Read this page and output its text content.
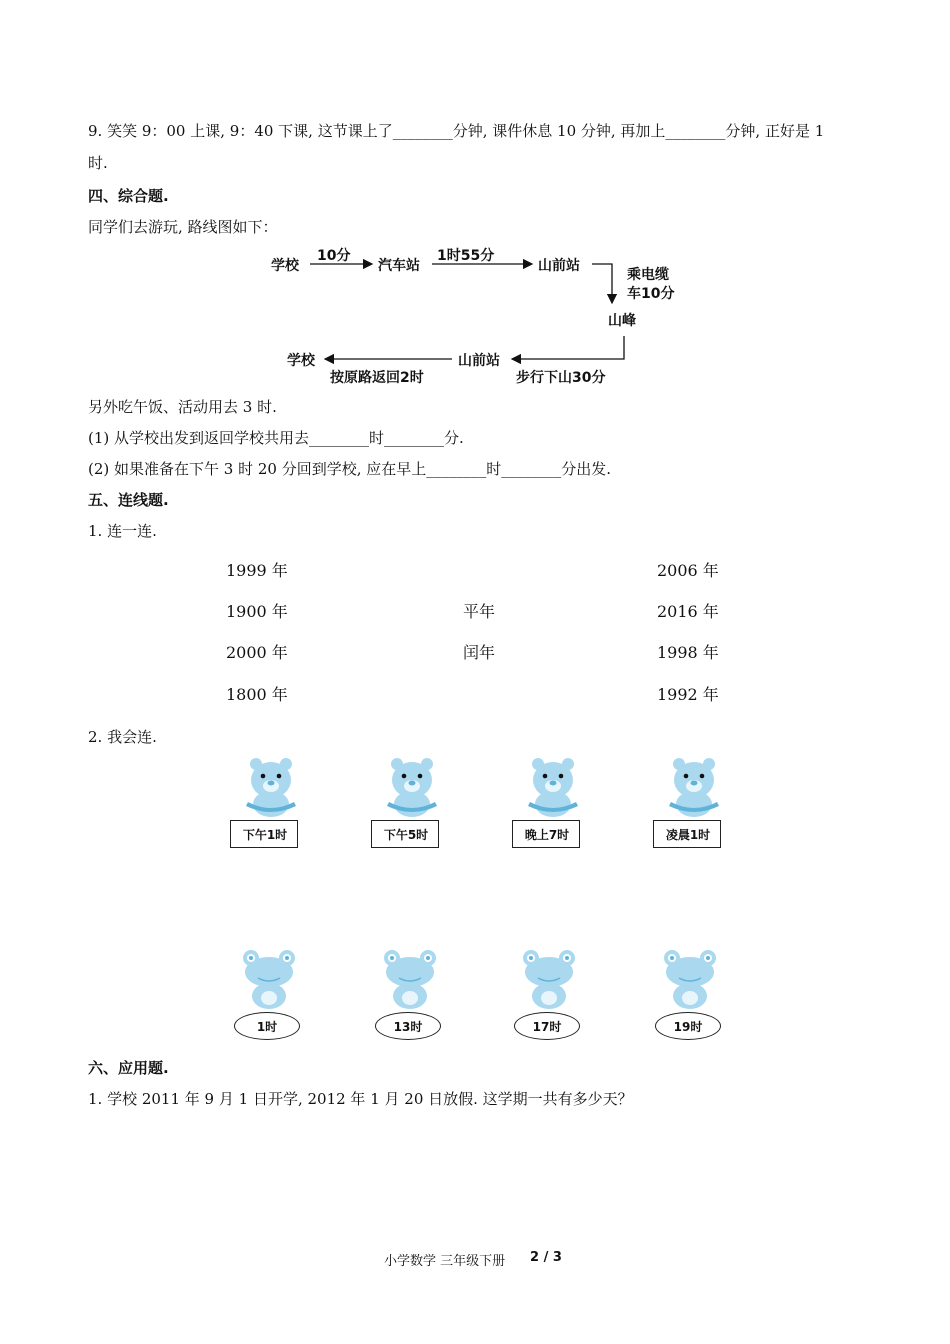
9. 笑笑 9：00 上课, 9：40 下课, 这节课上了________分钟, 课件休息 10 分钟, 再加上________分钟, 正好是 1
时.
四、综合题.
同学们去游玩, 路线图如下：
学校
10分
汽车站
1时55分
山前站
乘电缆
车10分
山峰
山前站
步行下山30分
学校
按原路返回2时
另外吃午饭、活动用去 3 时.
(1) 从学校出发到返回学校共用去________时________分.
(2) 如果准备在下午 3 时 20 分回到学校, 应在早上________时________分出发.
五、连线题.
1. 连一连.
1999 年
1900 年
2000 年
1800 年
平年
闰年
2006 年
2016 年
1998 年
1992 年
2. 我会连.
下午1时	下午5时	晚上7时	凌晨1时
1时	13时	17时	19时
六、应用题.
1. 学校 2011 年 9 月 1 日开学, 2012 年 1 月 20 日放假. 这学期一共有多少天？
小学数学 三年级下册 2 / 3
